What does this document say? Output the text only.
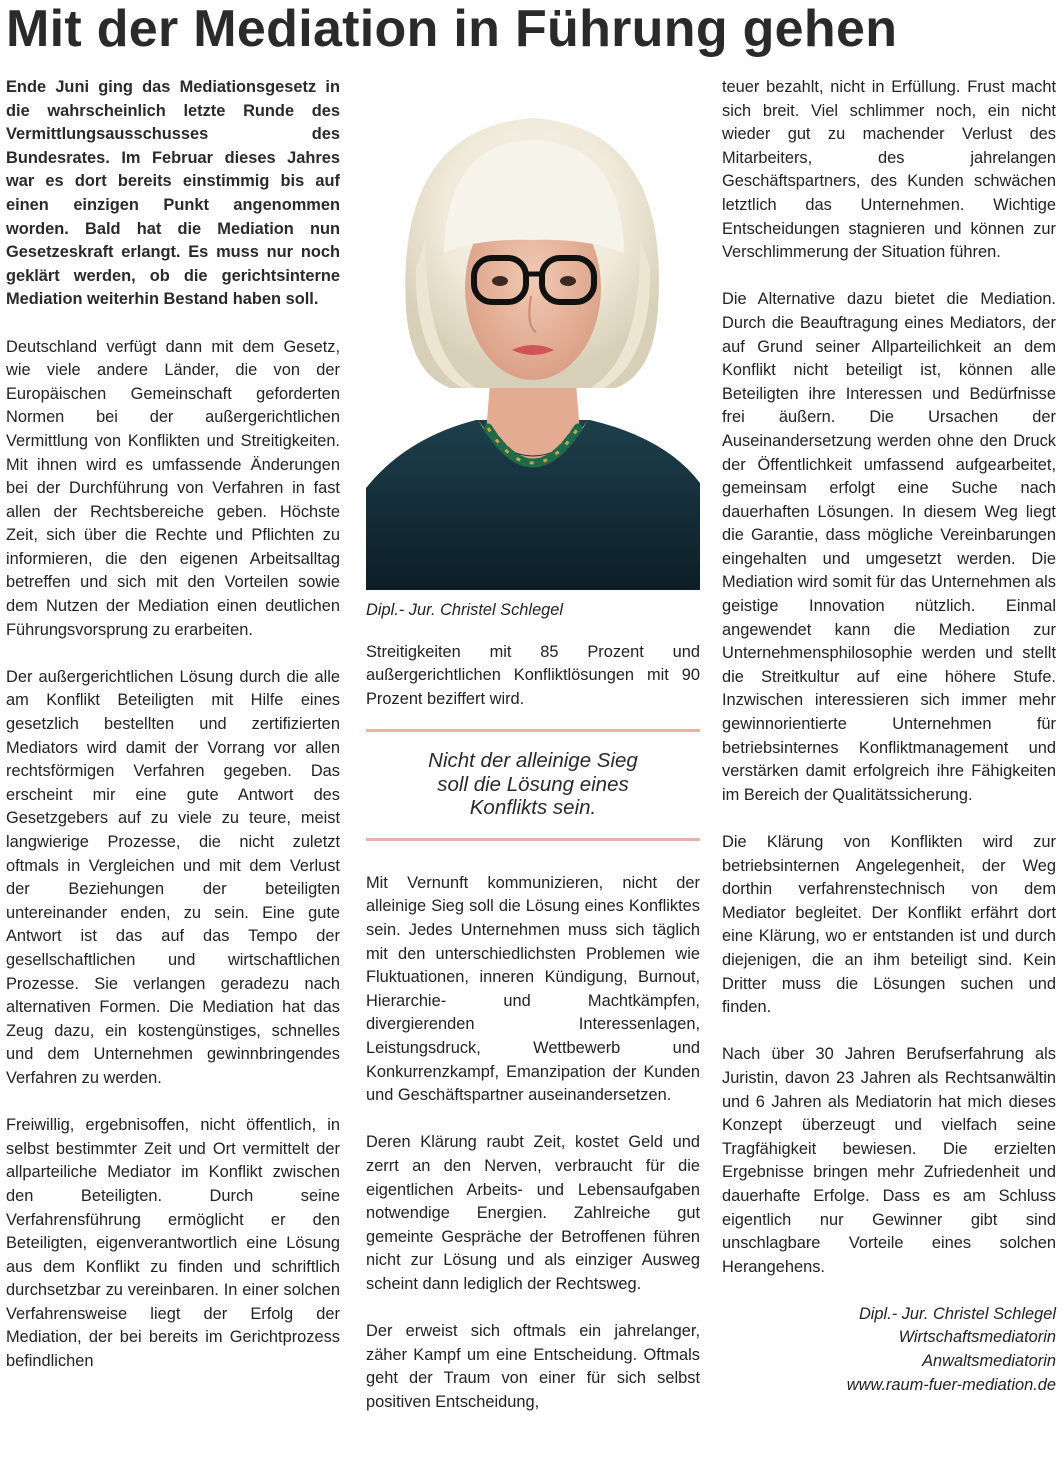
Mit der Mediation in Führung gehen

Ende Juni ging das Mediationsgesetz in die wahrscheinlich letzte Runde des Vermittlungsausschusses des Bundesrates. Im Februar dieses Jahres war es dort bereits einstimmig bis auf einen einzigen Punkt angenommen worden. Bald hat die Mediation nun Gesetzeskraft erlangt. Es muss nur noch geklärt werden, ob die gerichtsinterne Mediation weiterhin Bestand haben soll.

Deutschland verfügt dann mit dem Gesetz, wie viele andere Länder, die von der Europäischen Gemeinschaft geforderten Normen bei der außergerichtlichen Vermittlung von Konflikten und Streitigkeiten. Mit ihnen wird es umfassende Änderungen bei der Durchführung von Verfahren in fast allen der Rechtsbereiche geben. Höchste Zeit, sich über die Rechte und Pflichten zu informieren, die den eigenen Arbeitsalltag betreffen und sich mit den Vorteilen sowie dem Nutzen der Mediation einen deutlichen Führungsvorsprung zu erarbeiten.

Der außergerichtlichen Lösung durch die alle am Konflikt Beteiligten mit Hilfe eines gesetzlich bestellten und zertifizierten Mediators wird damit der Vorrang vor allen rechtsförmigen Verfahren gegeben. Das erscheint mir eine gute Antwort des Gesetzgebers auf zu viele zu teure, meist langwierige Prozesse, die nicht zuletzt oftmals in Vergleichen und mit dem Verlust der Beziehungen der beteiligten untereinander enden, zu sein. Eine gute Antwort ist das auf das Tempo der gesellschaftlichen und wirtschaftlichen Prozesse. Sie verlangen geradezu nach alternativen Formen. Die Mediation hat das Zeug dazu, ein kostengünstiges, schnelles und dem Unternehmen gewinnbringendes Verfahren zu werden.

Freiwillig, ergebnisoffen, nicht öffentlich, in selbst bestimmter Zeit und Ort vermittelt der allparteiliche Mediator im Konflikt zwischen den Beteiligten. Durch seine Verfahrensführung ermöglicht er den Beteiligten, eigenverantwortlich eine Lösung aus dem Konflikt zu finden und schriftlich durchsetzbar zu vereinbaren. In einer solchen Verfahrensweise liegt der Erfolg der Mediation, der bei bereits im Gerichtprozess befindlichen

Dipl.- Jur. Christel Schlegel

Streitigkeiten mit 85 Prozent und außergerichtlichen Konfliktlösungen mit 90 Prozent beziffert wird.

Nicht der alleinige Sieg
soll die Lösung eines
Konflikts sein.

Mit Vernunft kommunizieren, nicht der alleinige Sieg soll die Lösung eines Konfliktes sein. Jedes Unternehmen muss sich täglich mit den unterschiedlichsten Problemen wie Fluktuationen, inneren Kündigung, Burnout, Hierarchie- und Machtkämpfen, divergierenden Interessenlagen, Leistungsdruck, Wettbewerb und Konkurrenzkampf, Emanzipation der Kunden und Geschäftspartner auseinandersetzen.

Deren Klärung raubt Zeit, kostet Geld und zerrt an den Nerven, verbraucht für die eigentlichen Arbeits- und Lebensaufgaben notwendige Energien. Zahlreiche gut gemeinte Gespräche der Betroffenen führen nicht zur Lösung und als einziger Ausweg scheint dann lediglich der Rechtsweg.

Der erweist sich oftmals ein jahrelanger, zäher Kampf um eine Entscheidung. Oftmals geht der Traum von einer für sich selbst positiven Entscheidung,

teuer bezahlt, nicht in Erfüllung. Frust macht sich breit. Viel schlimmer noch, ein nicht wieder gut zu machender Verlust des Mitarbeiters, des jahrelangen Geschäftspartners, des Kunden schwächen letztlich das Unternehmen. Wichtige Entscheidungen stagnieren und können zur Verschlimmerung der Situation führen.

Die Alternative dazu bietet die Mediation. Durch die Beauftragung eines Mediators, der auf Grund seiner Allparteilichkeit an dem Konflikt nicht beteiligt ist, können alle Beteiligten ihre Interessen und Bedürfnisse frei äußern. Die Ursachen der Auseinandersetzung werden ohne den Druck der Öffentlichkeit umfassend aufgearbeitet, gemeinsam erfolgt eine Suche nach dauerhaften Lösungen. In diesem Weg liegt die Garantie, dass mögliche Vereinbarungen eingehalten und umgesetzt werden. Die Mediation wird somit für das Unternehmen als geistige Innovation nützlich. Einmal angewendet kann die Mediation zur Unternehmensphilosophie werden und stellt die Streitkultur auf eine höhere Stufe. Inzwischen interessieren sich immer mehr gewinnorientierte Unternehmen für betriebsinternes Konfliktmanagement und verstärken damit erfolgreich ihre Fähigkeiten im Bereich der Qualitätssicherung.

Die Klärung von Konflikten wird zur betriebsinternen Angelegenheit, der Weg dorthin verfahrenstechnisch von dem Mediator begleitet. Der Konflikt erfährt dort eine Klärung, wo er entstanden ist und durch diejenigen, die an ihm beteiligt sind. Kein Dritter muss die Lösungen suchen und finden.

Nach über 30 Jahren Berufserfahrung als Juristin, davon 23 Jahren als Rechtsanwältin und 6 Jahren als Mediatorin hat mich dieses Konzept überzeugt und vielfach seine Tragfähigkeit bewiesen. Die erzielten Ergebnisse bringen mehr Zufriedenheit und dauerhafte Erfolge. Dass es am Schluss eigentlich nur Gewinner gibt sind unschlagbare Vorteile eines solchen Herangehens.

Dipl.- Jur. Christel Schlegel
Wirtschaftsmediatorin
Anwaltsmediatorin
www.raum-fuer-mediation.de
